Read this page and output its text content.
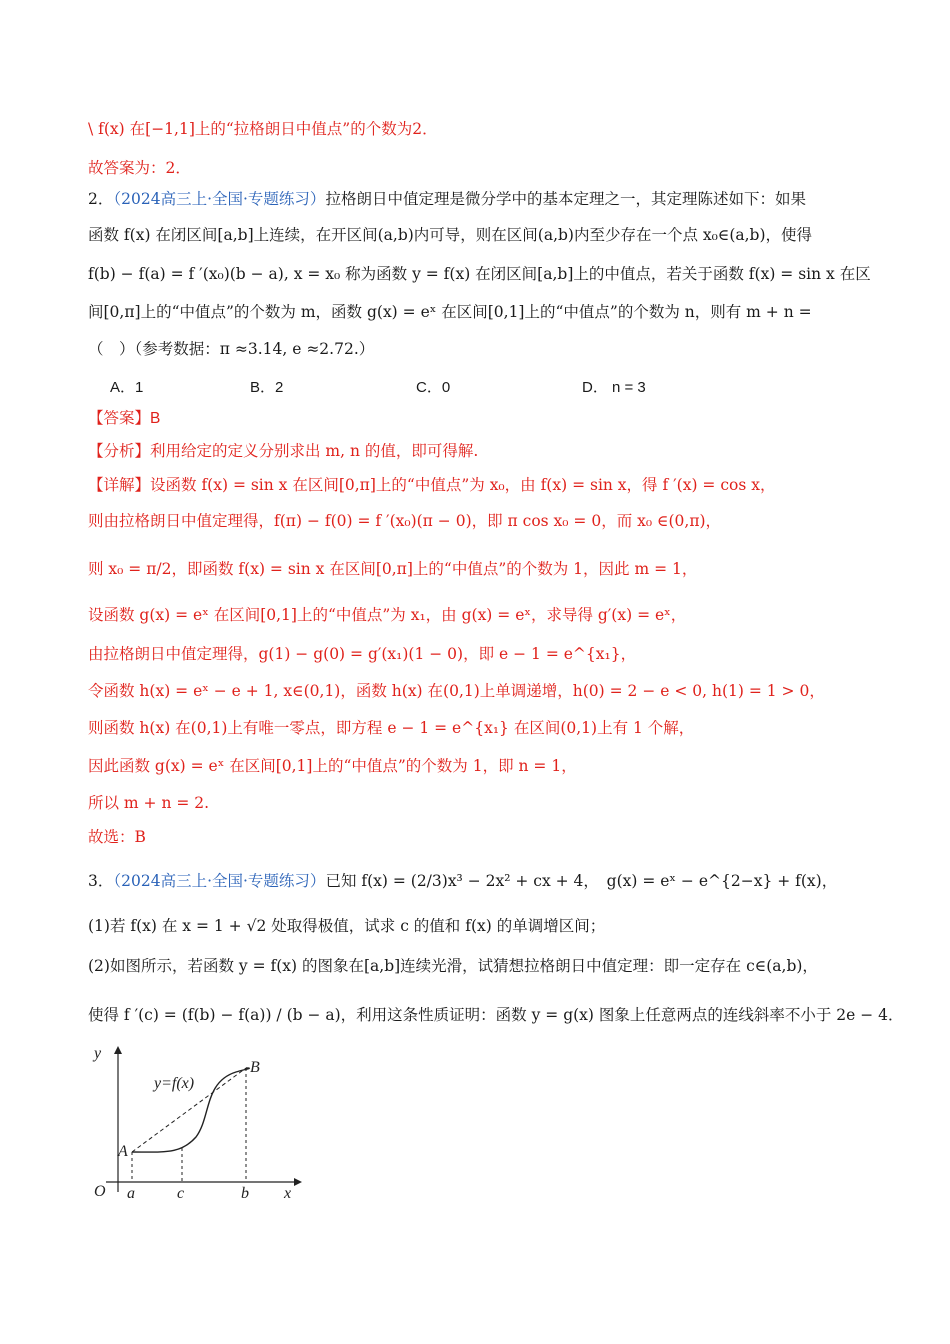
\ f(x) 在[−1,1]上的“拉格朗日中值点”的个数为2．
故答案为：2．
2．（2024高三上·全国·专题练习）拉格朗日中值定理是微分学中的基本定理之一，其定理陈述如下：如果
函数 f(x) 在闭区间[a,b]上连续，在开区间(a,b)内可导，则在区间(a,b)内至少存在一个点 x₀∈(a,b)，使得
f(b) − f(a) = f ′(x₀)(b − a), x = x₀ 称为函数 y = f(x) 在闭区间[a,b]上的中值点，若关于函数 f(x) = sin x 在区
间[0,π]上的“中值点”的个数为 m，函数 g(x) = eˣ 在区间[0,1]上的“中值点”的个数为 n，则有 m + n =
（　）（参考数据：π ≈3.14, e ≈2.72.）
A．1	B．2	C．0	D． n = 3
【答案】B
【分析】利用给定的定义分别求出 m, n 的值，即可得解.
【详解】设函数 f(x) = sin x 在区间[0,π]上的“中值点”为 x₀，由 f(x) = sin x，得 f ′(x) = cos x，
则由拉格朗日中值定理得，f(π) − f(0) = f ′(x₀)(π − 0)，即 π cos x₀ = 0，而 x₀ ∈(0,π)，
则 x₀ = π/2，即函数 f(x) = sin x 在区间[0,π]上的“中值点”的个数为 1，因此 m = 1，
设函数 g(x) = eˣ 在区间[0,1]上的“中值点”为 x₁，由 g(x) = eˣ，求导得 g′(x) = eˣ，
由拉格朗日中值定理得，g(1) − g(0) = g′(x₁)(1 − 0)，即 e − 1 = e^{x₁}，
令函数 h(x) = eˣ − e + 1, x∈(0,1)，函数 h(x) 在(0,1)上单调递增，h(0) = 2 − e < 0, h(1) = 1 > 0，
则函数 h(x) 在(0,1)上有唯一零点，即方程 e − 1 = e^{x₁} 在区间(0,1)上有 1 个解，
因此函数 g(x) = eˣ 在区间[0,1]上的“中值点”的个数为 1，即 n = 1，
所以 m + n = 2.
故选：B
3．（2024高三上·全国·专题练习）已知 f(x) = (2/3)x³ − 2x² + cx + 4，　g(x) = eˣ − e^{2−x} + f(x)，
(1)若 f(x) 在 x = 1 + √2 处取得极值，试求 c 的值和 f(x) 的单调增区间；
(2)如图所示，若函数 y = f(x) 的图象在[a,b]连续光滑，试猜想拉格朗日中值定理：即一定存在 c∈(a,b)，
使得 f ′(c) = (f(b) − f(a)) / (b − a)，利用这条性质证明：函数 y = g(x) 图象上任意两点的连线斜率不小于 2e − 4．
y
x
O
y=f(x)
A
B
a	c	b
